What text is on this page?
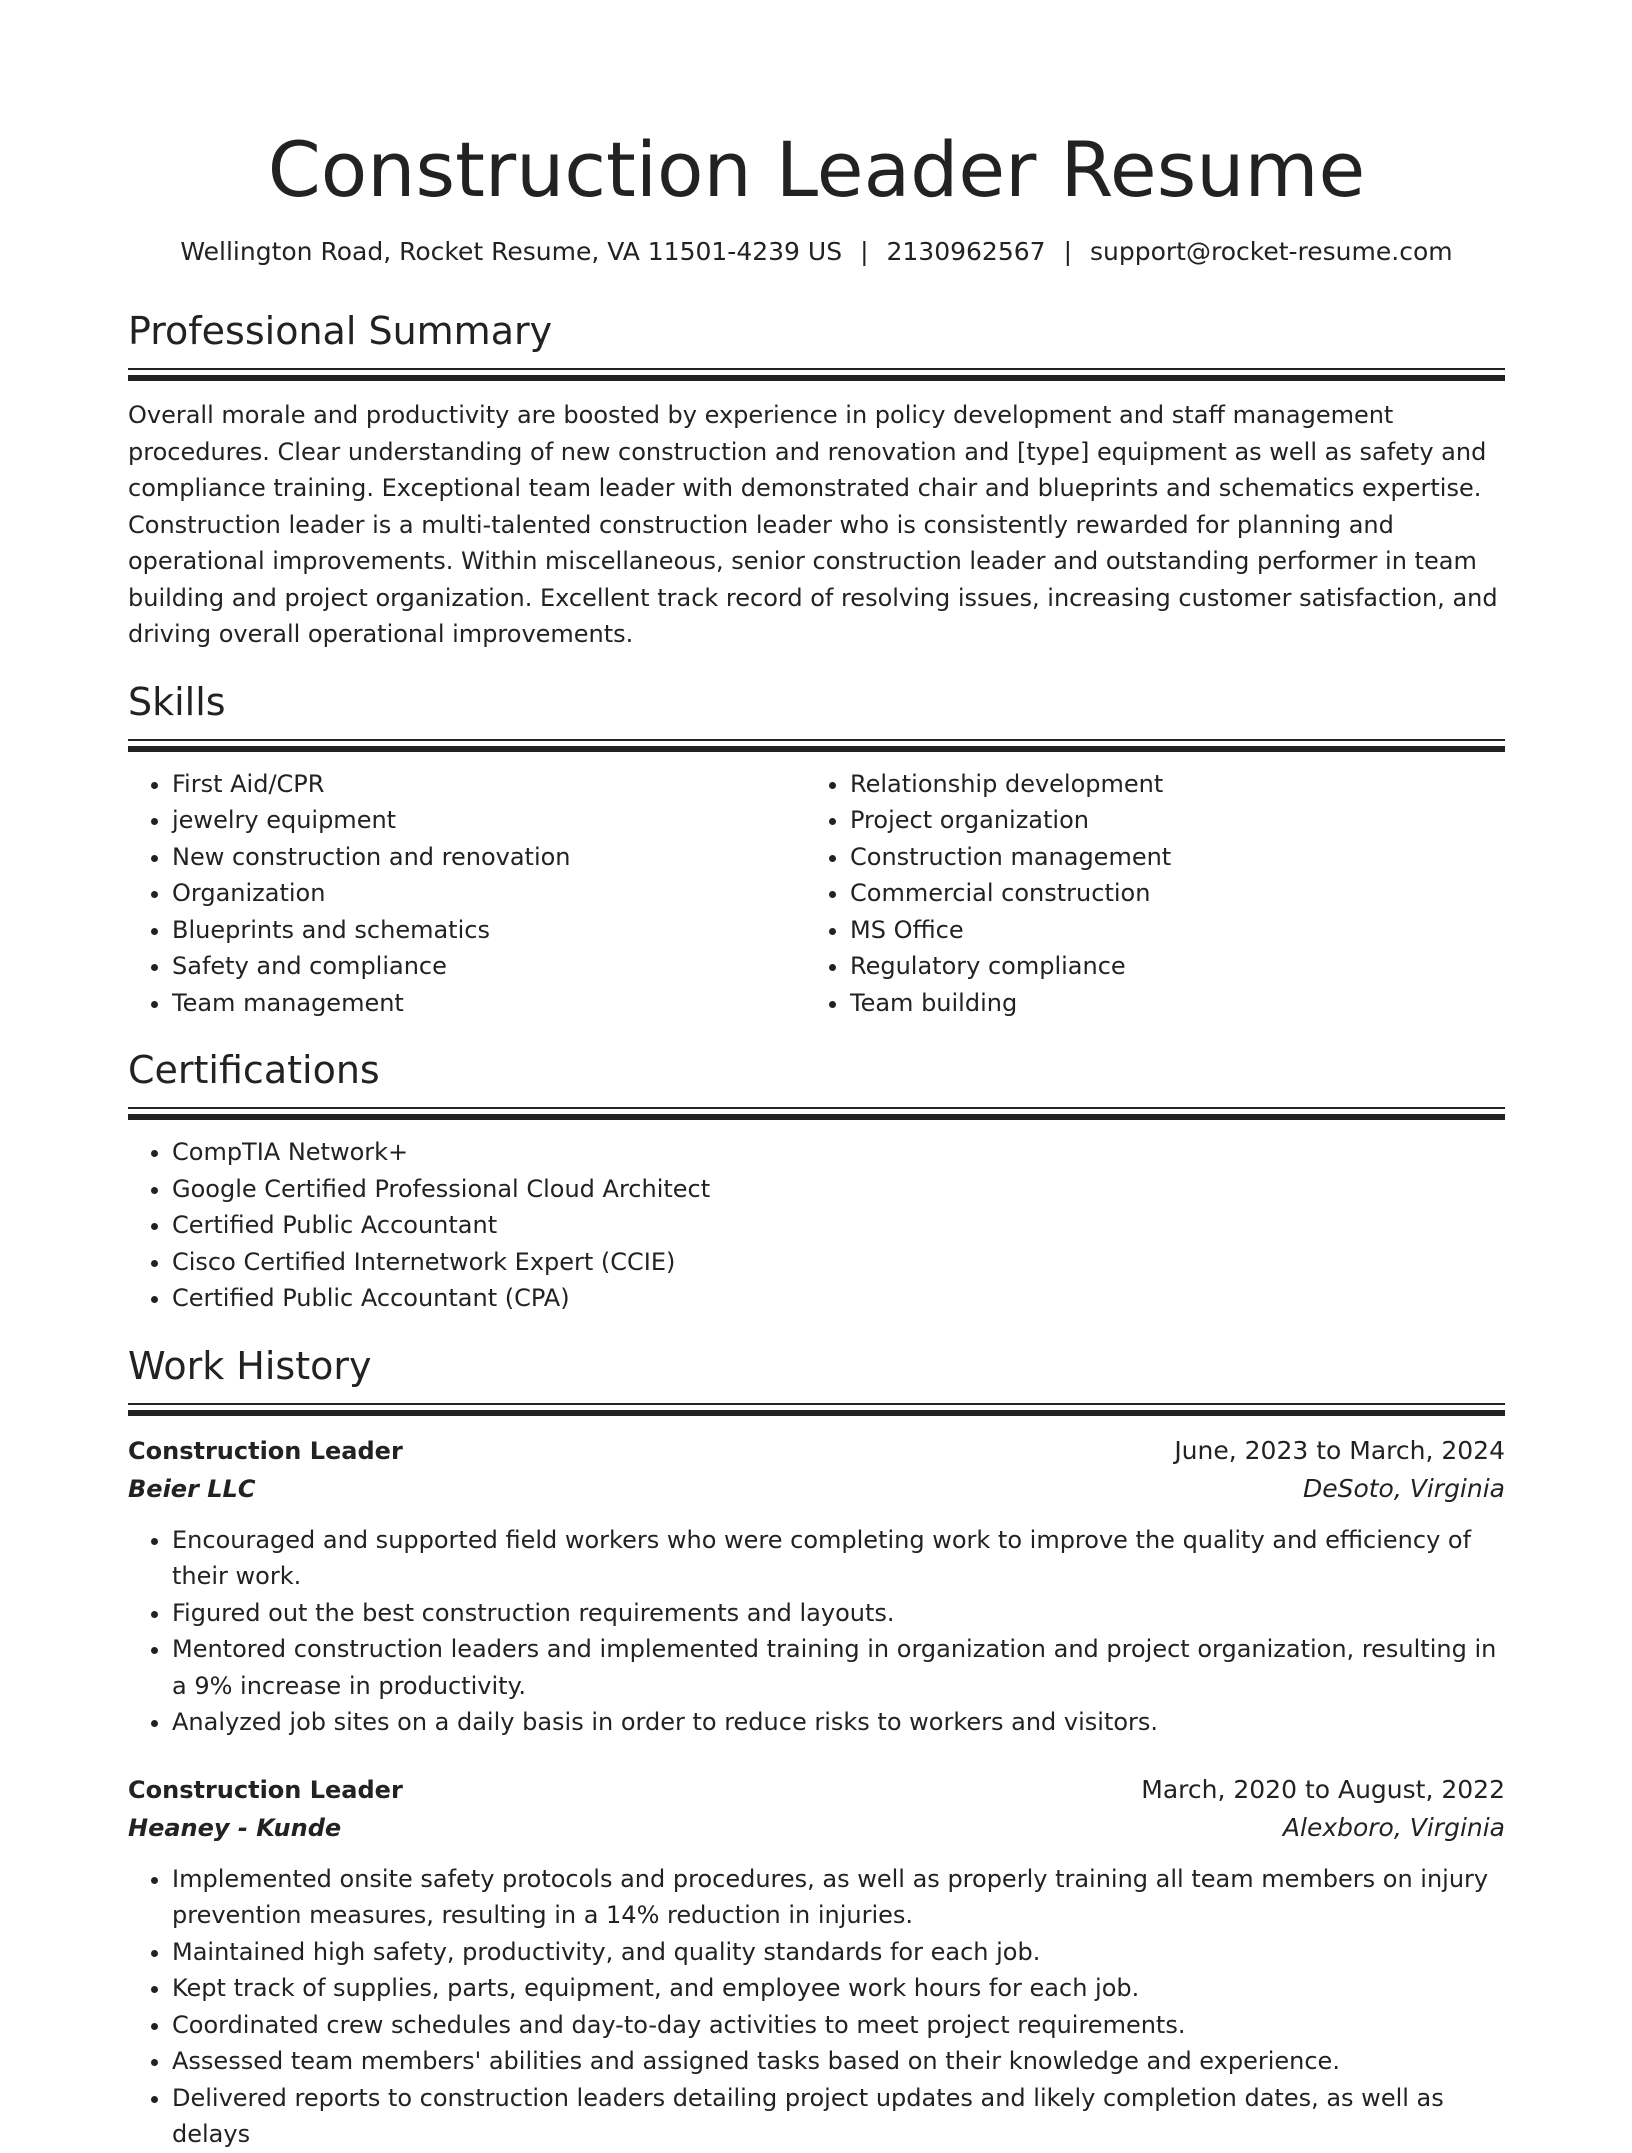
Construction Leader Resume
Wellington Road, Rocket Resume, VA 11501-4239 US | 2130962567 | support@rocket-resume.com
Professional Summary
Overall morale and productivity are boosted by experience in policy development and staff management procedures. Clear understanding of new construction and renovation and [type] equipment as well as safety and compliance training. Exceptional team leader with demonstrated chair and blueprints and schematics expertise. Construction leader is a multi-talented construction leader who is consistently rewarded for planning and operational improvements. Within miscellaneous, senior construction leader and outstanding performer in team building and project organization. Excellent track record of resolving issues, increasing customer satisfaction, and driving overall operational improvements.
Skills
• First Aid/CPR
• jewelry equipment
• New construction and renovation
• Organization
• Blueprints and schematics
• Safety and compliance
• Team management
• Relationship development
• Project organization
• Construction management
• Commercial construction
• MS Office
• Regulatory compliance
• Team building
Certifications
• CompTIA Network+
• Google Certified Professional Cloud Architect
• Certified Public Accountant
• Cisco Certified Internetwork Expert (CCIE)
• Certified Public Accountant (CPA)
Work History
Construction Leader	June, 2023 to March, 2024
Beier LLC	DeSoto, Virginia
• Encouraged and supported field workers who were completing work to improve the quality and efficiency of their work.
• Figured out the best construction requirements and layouts.
• Mentored construction leaders and implemented training in organization and project organization, resulting in a 9% increase in productivity.
• Analyzed job sites on a daily basis in order to reduce risks to workers and visitors.
Construction Leader	March, 2020 to August, 2022
Heaney - Kunde	Alexboro, Virginia
• Implemented onsite safety protocols and procedures, as well as properly training all team members on injury prevention measures, resulting in a 14% reduction in injuries.
• Maintained high safety, productivity, and quality standards for each job.
• Kept track of supplies, parts, equipment, and employee work hours for each job.
• Coordinated crew schedules and day-to-day activities to meet project requirements.
• Assessed team members' abilities and assigned tasks based on their knowledge and experience.
• Delivered reports to construction leaders detailing project updates and likely completion dates, as well as delays
